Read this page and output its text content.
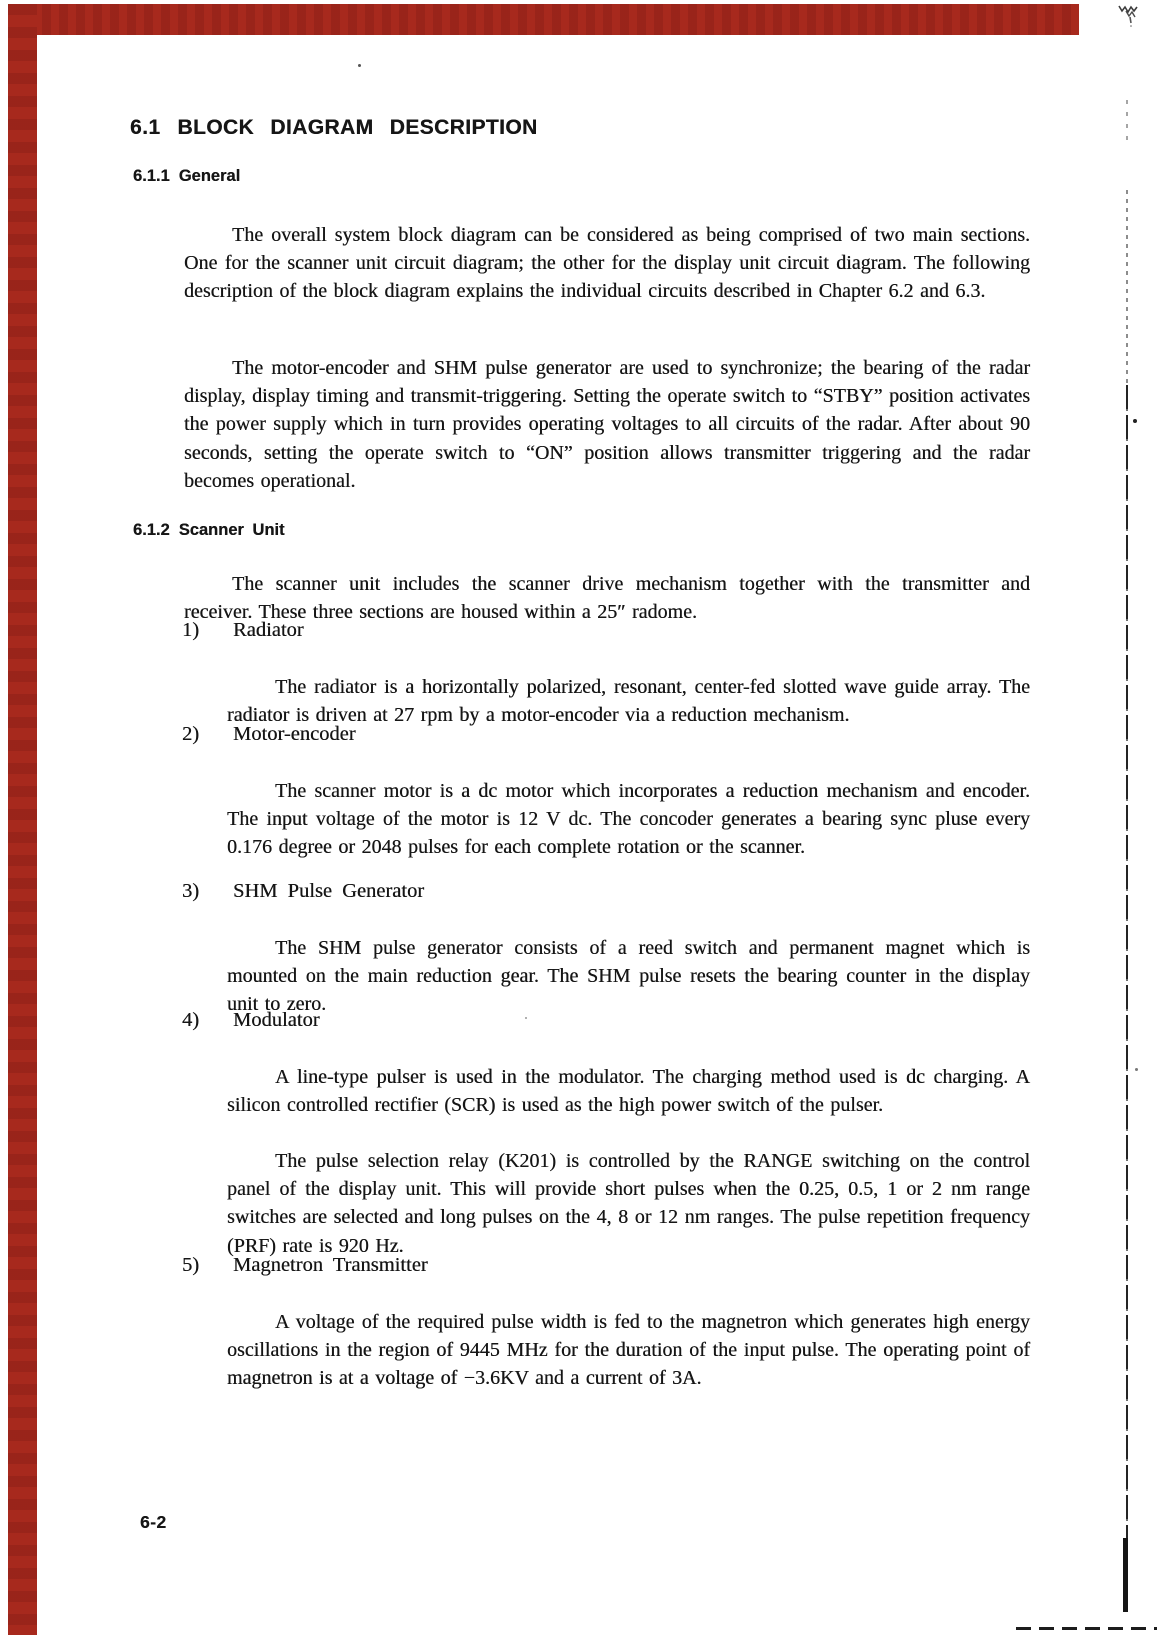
6.1 BLOCK DIAGRAM DESCRIPTION
6.1.1 General

The overall system block diagram can be considered as being comprised of two main sections. One for the scanner unit circuit diagram; the other for the display unit circuit diagram. The following description of the block diagram explains the individual circuits described in Chapter 6.2 and 6.3.

The motor-encoder and SHM pulse generator are used to synchronize; the bearing of the radar display, display timing and transmit-triggering. Setting the operate switch to “STBY” position activates the power supply which in turn provides operating voltages to all circuits of the radar. After about 90 seconds, setting the operate switch to “ON” position allows transmitter triggering and the radar becomes operational.

6.1.2 Scanner Unit

The scanner unit includes the scanner drive mechanism together with the transmitter and receiver. These three sections are housed within a 25″ radome.

1) Radiator

The radiator is a horizontally polarized, resonant, center-fed slotted wave guide array. The radiator is driven at 27 rpm by a motor-encoder via a reduction mechanism.

2) Motor-encoder

The scanner motor is a dc motor which incorporates a reduction mechanism and encoder. The input voltage of the motor is 12 V dc. The concoder generates a bearing sync pluse every 0.176 degree or 2048 pulses for each complete rotation or the scanner.

3) SHM Pulse Generator

The SHM pulse generator consists of a reed switch and permanent magnet which is mounted on the main reduction gear. The SHM pulse resets the bearing counter in the display unit to zero.

4) Modulator

A line-type pulser is used in the modulator. The charging method used is dc charging. A silicon controlled rectifier (SCR) is used as the high power switch of the pulser.

The pulse selection relay (K201) is controlled by the RANGE switching on the control panel of the display unit. This will provide short pulses when the 0.25, 0.5, 1 or 2 nm range switches are selected and long pulses on the 4, 8 or 12 nm ranges. The pulse repetition frequency (PRF) rate is 920 Hz.

5) Magnetron Transmitter

A voltage of the required pulse width is fed to the magnetron which generates high energy oscillations in the region of 9445 MHz for the duration of the input pulse. The operating point of magnetron is at a voltage of −3.6KV and a current of 3A.

6-2
